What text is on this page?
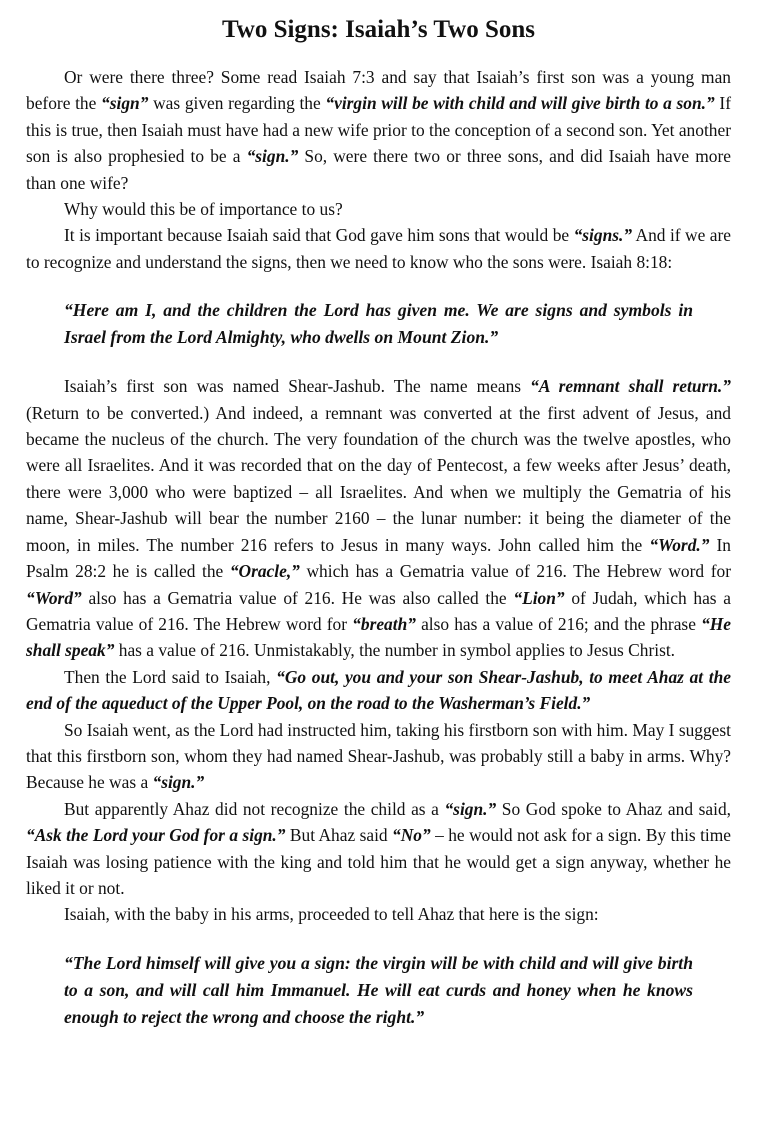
Two Signs: Isaiah’s Two Sons

Or were there three? Some read Isaiah 7:3 and say that Isaiah’s first son was a young man before the “sign” was given regarding the “virgin will be with child and will give birth to a son.” If this is true, then Isaiah must have had a new wife prior to the conception of a second son. Yet another son is also prophesied to be a “sign.” So, were there two or three sons, and did Isaiah have more than one wife?

Why would this be of importance to us?

It is important because Isaiah said that God gave him sons that would be “signs.” And if we are to recognize and understand the signs, then we need to know who the sons were. Isaiah 8:18:

“Here am I, and the children the Lord has given me. We are signs and symbols in Israel from the Lord Almighty, who dwells on Mount Zion.”

Isaiah’s first son was named Shear-Jashub. The name means “A remnant shall return.” (Return to be converted.) And indeed, a remnant was converted at the first advent of Jesus, and became the nucleus of the church. The very foundation of the church was the twelve apostles, who were all Israelites. And it was recorded that on the day of Pentecost, a few weeks after Jesus’ death, there were 3,000 who were baptized – all Israelites. And when we multiply the Gematria of his name, Shear-Jashub will bear the number 2160 – the lunar number: it being the diameter of the moon, in miles. The number 216 refers to Jesus in many ways. John called him the “Word.” In Psalm 28:2 he is called the “Oracle,” which has a Gematria value of 216. The Hebrew word for “Word” also has a Gematria value of 216. He was also called the “Lion” of Judah, which has a Gematria value of 216. The Hebrew word for “breath” also has a value of 216; and the phrase “He shall speak” has a value of 216. Unmistakably, the number in symbol applies to Jesus Christ.

Then the Lord said to Isaiah, “Go out, you and your son Shear-Jashub, to meet Ahaz at the end of the aqueduct of the Upper Pool, on the road to the Washerman’s Field.”

So Isaiah went, as the Lord had instructed him, taking his firstborn son with him. May I suggest that this firstborn son, whom they had named Shear-Jashub, was probably still a baby in arms. Why? Because he was a “sign.”

But apparently Ahaz did not recognize the child as a “sign.” So God spoke to Ahaz and said, “Ask the Lord your God for a sign.” But Ahaz said “No” – he would not ask for a sign. By this time Isaiah was losing patience with the king and told him that he would get a sign anyway, whether he liked it or not.

Isaiah, with the baby in his arms, proceeded to tell Ahaz that here is the sign:

“The Lord himself will give you a sign: the virgin will be with child and will give birth to a son, and will call him Immanuel. He will eat curds and honey when he knows enough to reject the wrong and choose the right.”
